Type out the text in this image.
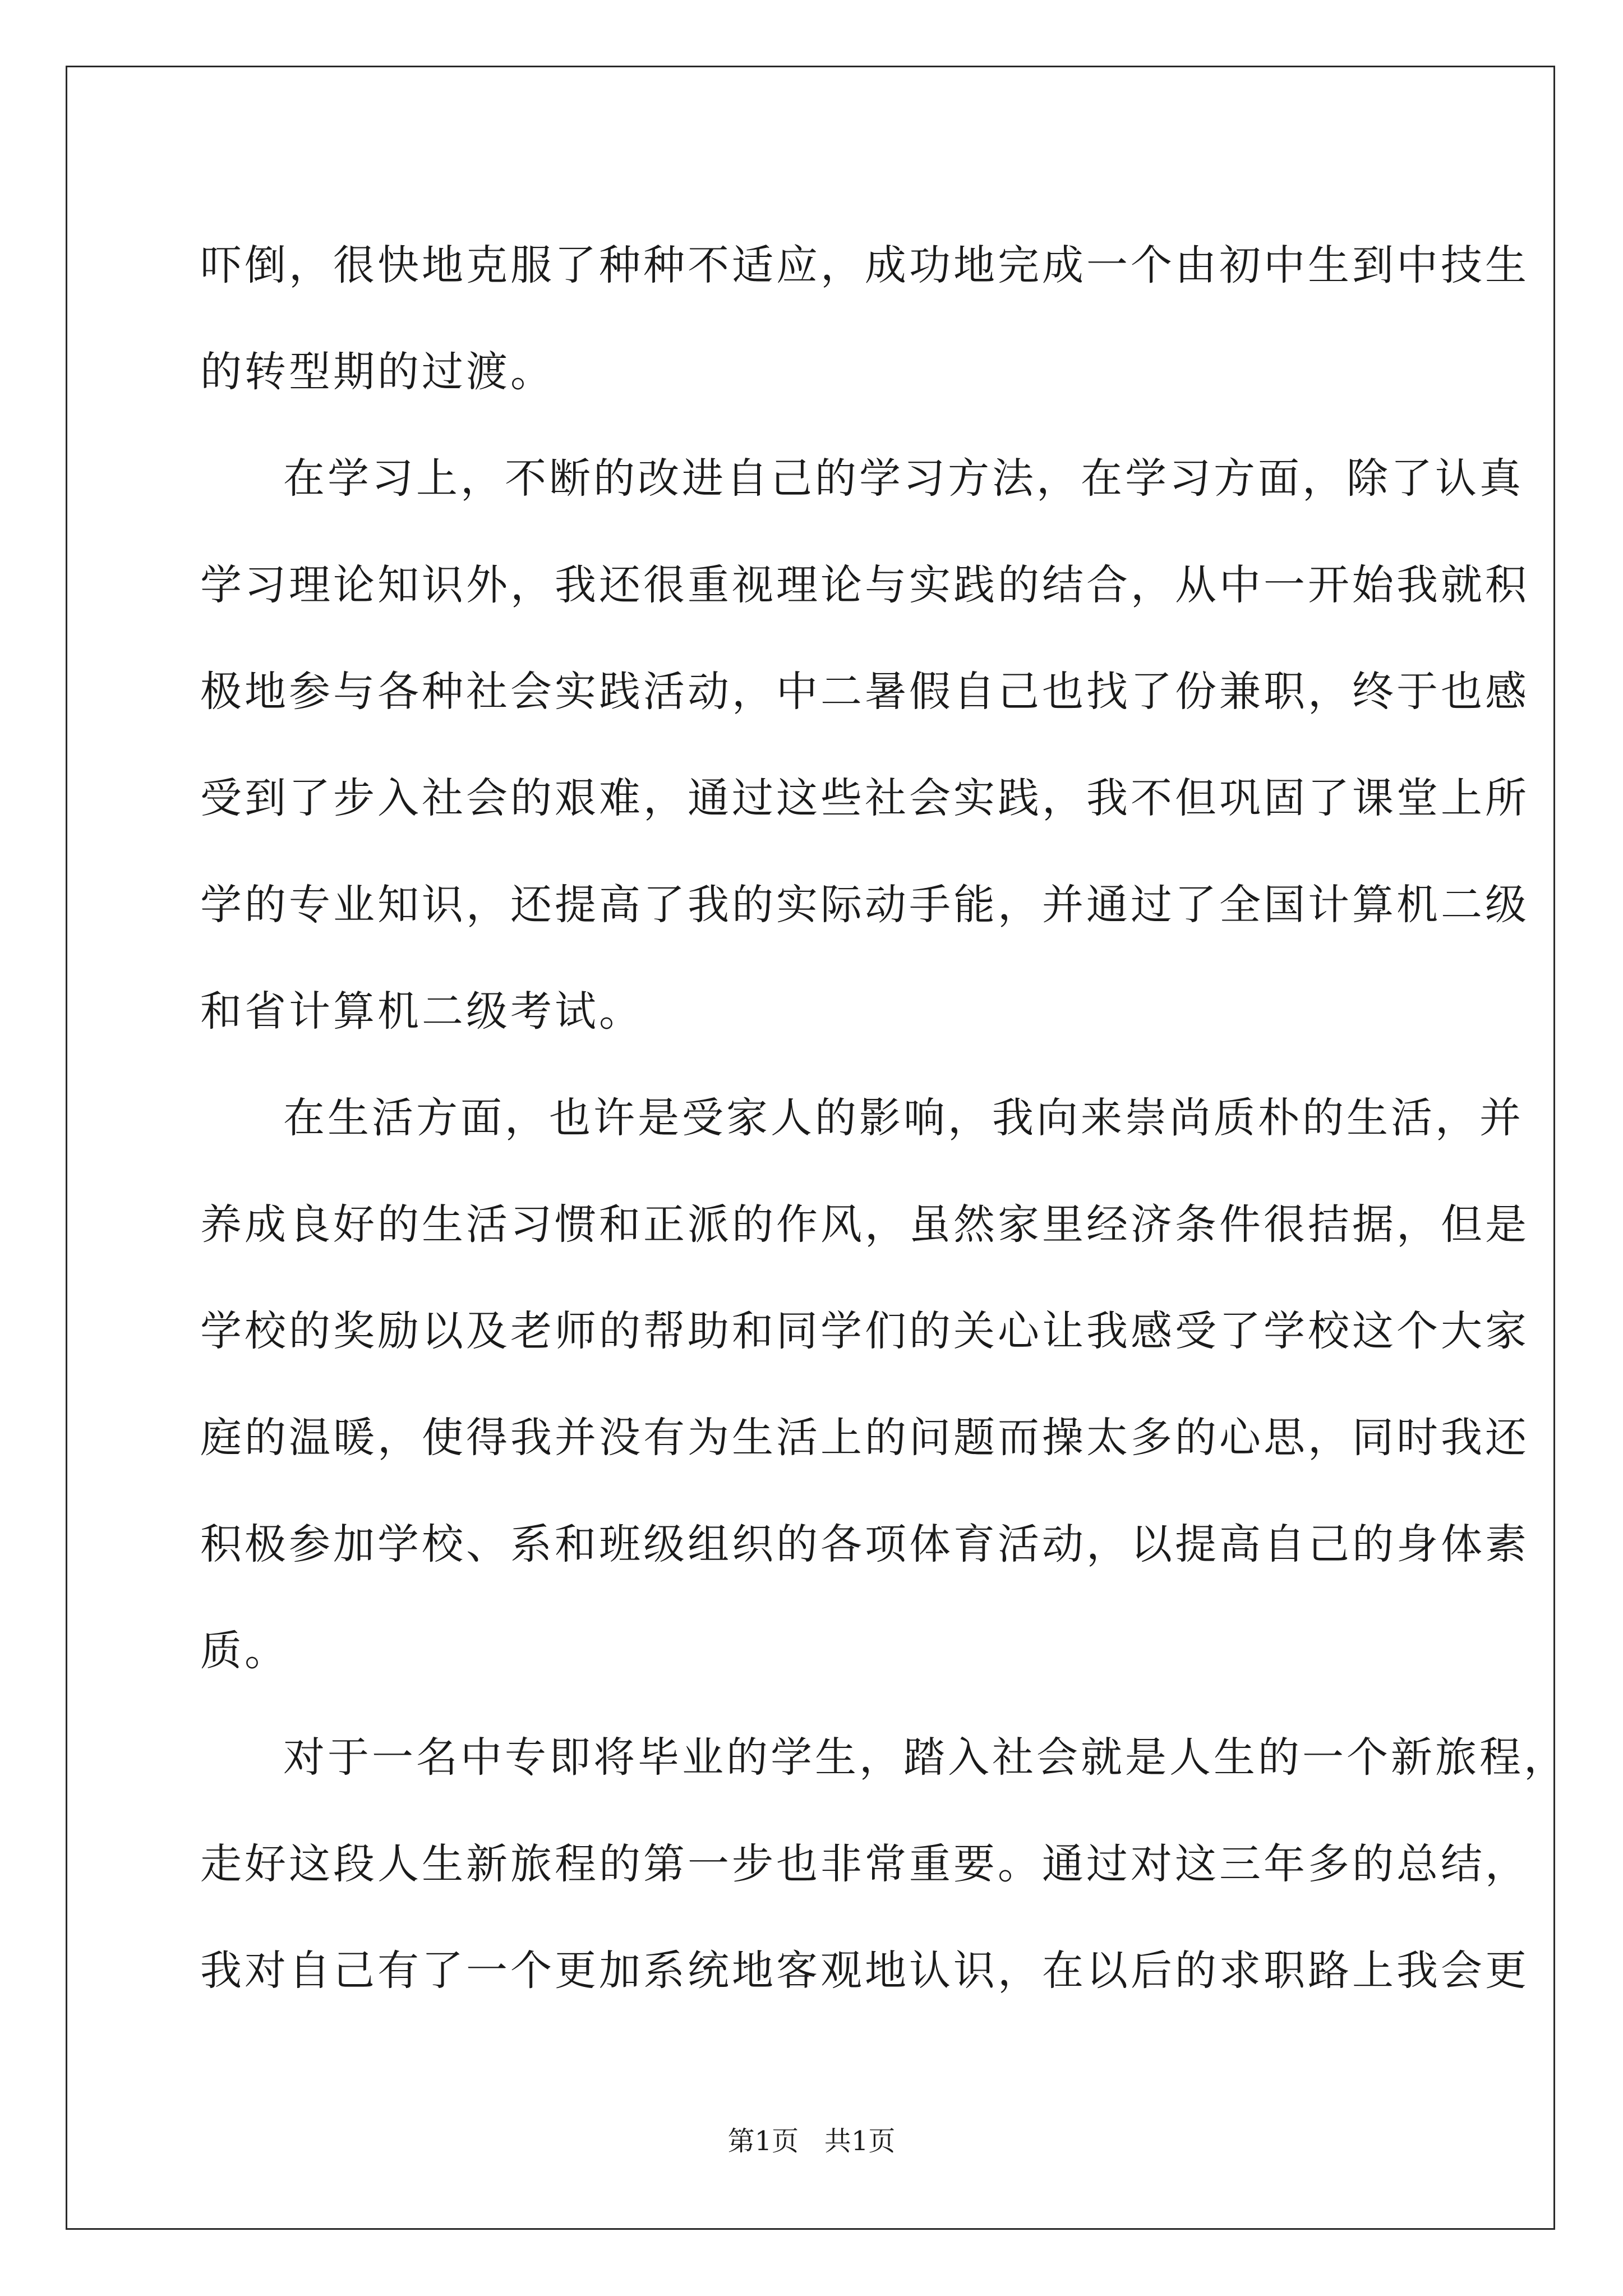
吓倒，很快地克服了种种不适应，成功地完成一个由初中生到中技生
的转型期的过渡。
在学习上，不断的改进自己的学习方法，在学习方面，除了认真
学习理论知识外，我还很重视理论与实践的结合，从中一开始我就积
极地参与各种社会实践活动，中二暑假自己也找了份兼职，终于也感
受到了步入社会的艰难，通过这些社会实践，我不但巩固了课堂上所
学的专业知识，还提高了我的实际动手能，并通过了全国计算机二级
和省计算机二级考试。
在生活方面，也许是受家人的影响，我向来崇尚质朴的生活，并
养成良好的生活习惯和正派的作风，虽然家里经济条件很拮据，但是
学校的奖励以及老师的帮助和同学们的关心让我感受了学校这个大家
庭的温暖，使得我并没有为生活上的问题而操太多的心思，同时我还
积极参加学校、系和班级组织的各项体育活动，以提高自己的身体素
质。
对于一名中专即将毕业的学生，踏入社会就是人生的一个新旅程，
走好这段人生新旅程的第一步也非常重要。通过对这三年多的总结，
我对自己有了一个更加系统地客观地认识，在以后的求职路上我会更
第1页   共1页
